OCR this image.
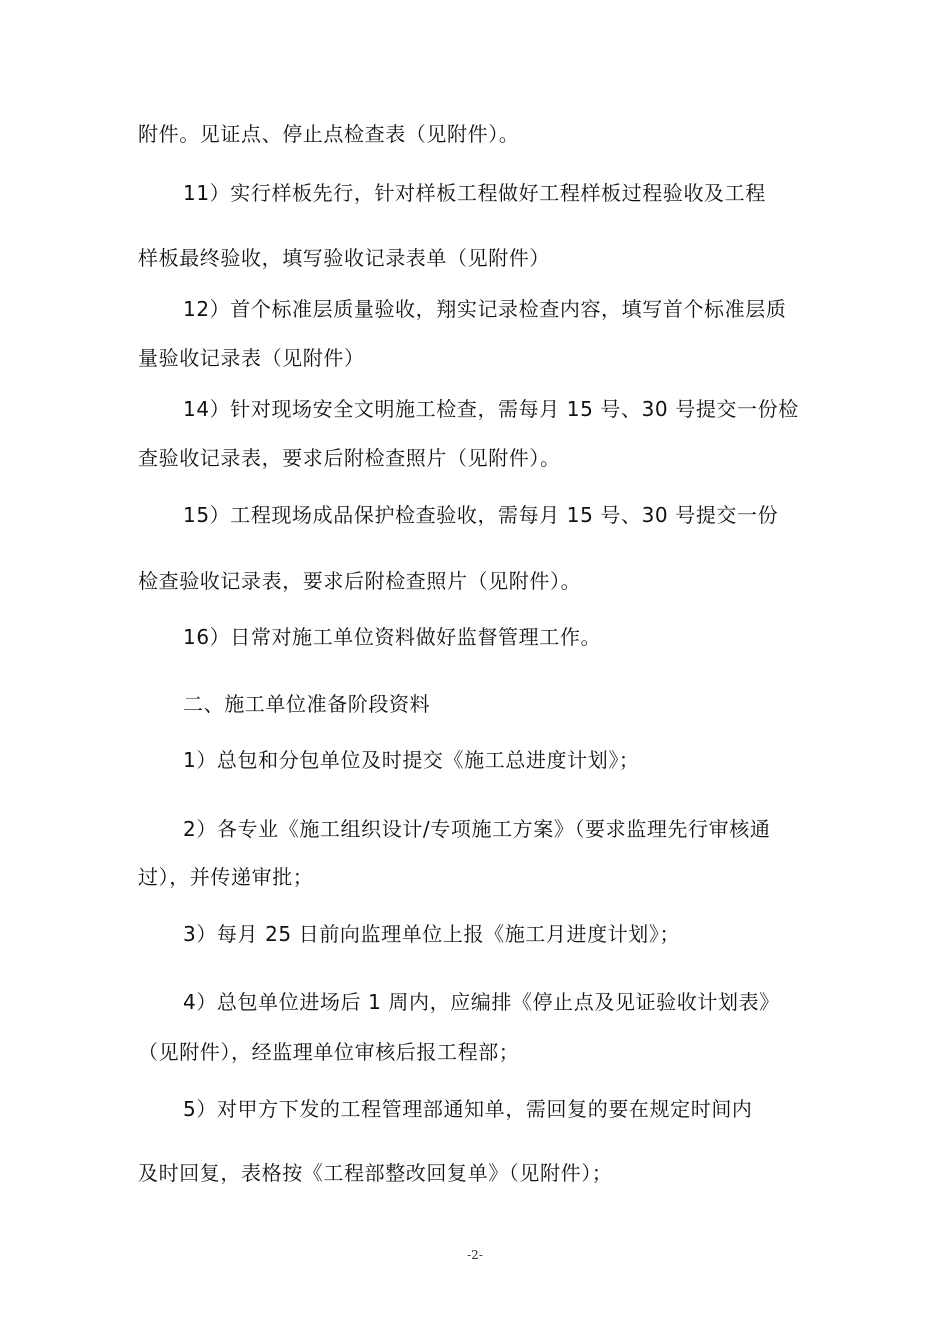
附件。见证点、停止点检查表（见附件）。
11）实行样板先行，针对样板工程做好工程样板过程验收及工程
样板最终验收，填写验收记录表单（见附件）
12）首个标准层质量验收，翔实记录检查内容，填写首个标准层质
量验收记录表（见附件）
14）针对现场安全文明施工检查，需每月 15 号、30 号提交一份检
查验收记录表，要求后附检查照片（见附件）。
15）工程现场成品保护检查验收，需每月 15 号、30 号提交一份
检查验收记录表，要求后附检查照片（见附件）。
16）日常对施工单位资料做好监督管理工作。
二、施工单位准备阶段资料
1）总包和分包单位及时提交《施工总进度计划》；
2）各专业《施工组织设计/专项施工方案》（要求监理先行审核通
过），并传递审批；
3）每月 25 日前向监理单位上报《施工月进度计划》；
4）总包单位进场后 1 周内，应编排《停止点及见证验收计划表》
（见附件），经监理单位审核后报工程部；
5）对甲方下发的工程管理部通知单，需回复的要在规定时间内
及时回复，表格按《工程部整改回复单》（见附件）；
-2-
